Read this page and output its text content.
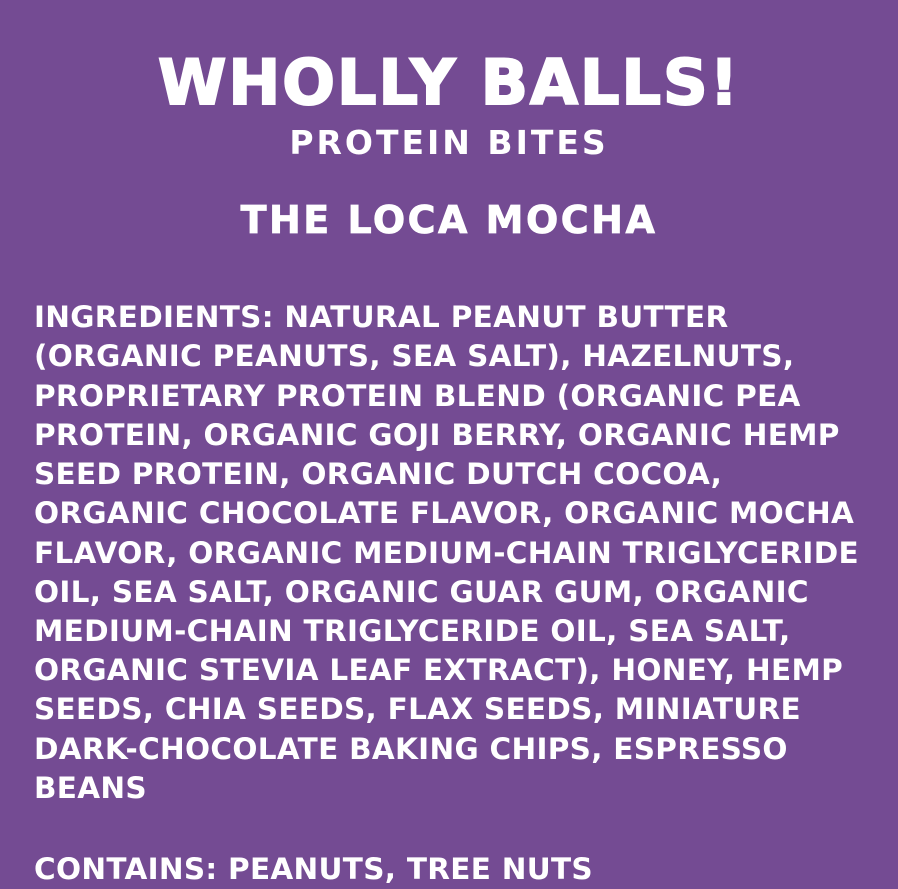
WHOLLY BALLS!
PROTEIN BITES
THE LOCA MOCHA
INGREDIENTS: NATURAL PEANUT BUTTER (ORGANIC PEANUTS, SEA SALT), HAZELNUTS, PROPRIETARY PROTEIN BLEND (ORGANIC PEA PROTEIN, ORGANIC GOJI BERRY, ORGANIC HEMP SEED PROTEIN, ORGANIC DUTCH COCOA, ORGANIC CHOCOLATE FLAVOR, ORGANIC MOCHA FLAVOR, ORGANIC MEDIUM-CHAIN TRIGLYCERIDE OIL, SEA SALT, ORGANIC GUAR GUM, ORGANIC MEDIUM-CHAIN TRIGLYCERIDE OIL, SEA SALT, ORGANIC STEVIA LEAF EXTRACT), HONEY, HEMP SEEDS, CHIA SEEDS, FLAX SEEDS, MINIATURE DARK-CHOCOLATE BAKING CHIPS, ESPRESSO BEANS
CONTAINS: PEANUTS, TREE NUTS
